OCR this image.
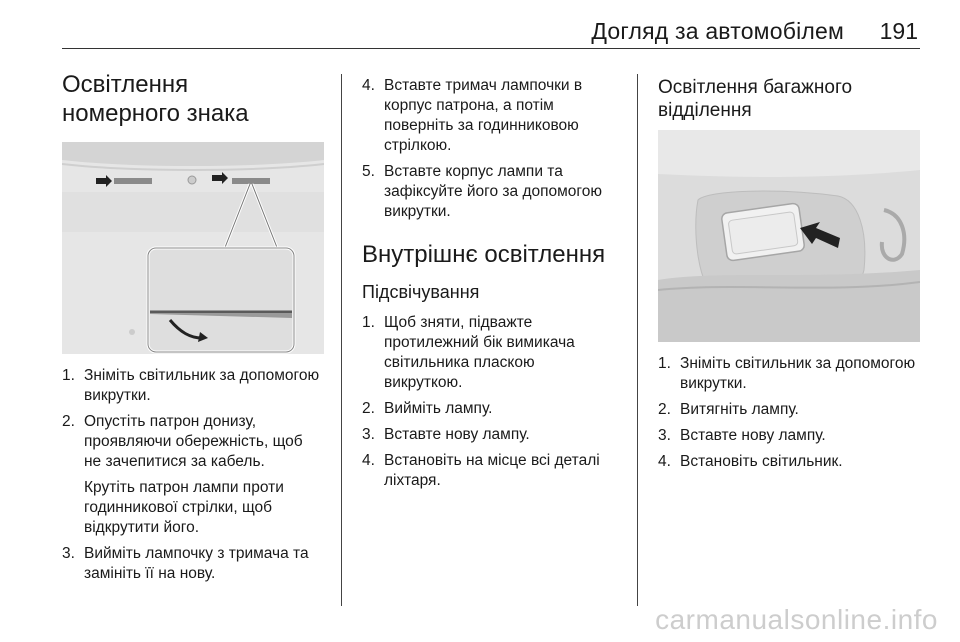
Догляд за автомобілем 191
Освітлення номерного знака
1. Зніміть світильник за допомогою викрутки.
2. Опустіть патрон донизу, проявляючи обережність, щоб не зачепитися за кабель.
Крутіть патрон лампи проти годинникової стрілки, щоб відкрутити його.
3. Вийміть лампочку з тримача та замініть її на нову.
4. Вставте тримач лампочки в корпус патрона, а потім поверніть за годинниковою стрілкою.
5. Вставте корпус лампи та зафіксуйте його за допомогою викрутки.
Внутрішнє освітлення
Підсвічування
1. Щоб зняти, підважте протилежний бік вимикача світильника пласкою викруткою.
2. Вийміть лампу.
3. Вставте нову лампу.
4. Встановіть на місце всі деталі ліхтаря.
Освітлення багажного відділення
1. Зніміть світильник за допомогою викрутки.
2. Витягніть лампу.
3. Вставте нову лампу.
4. Встановіть світильник.
carmanualsonline.info
